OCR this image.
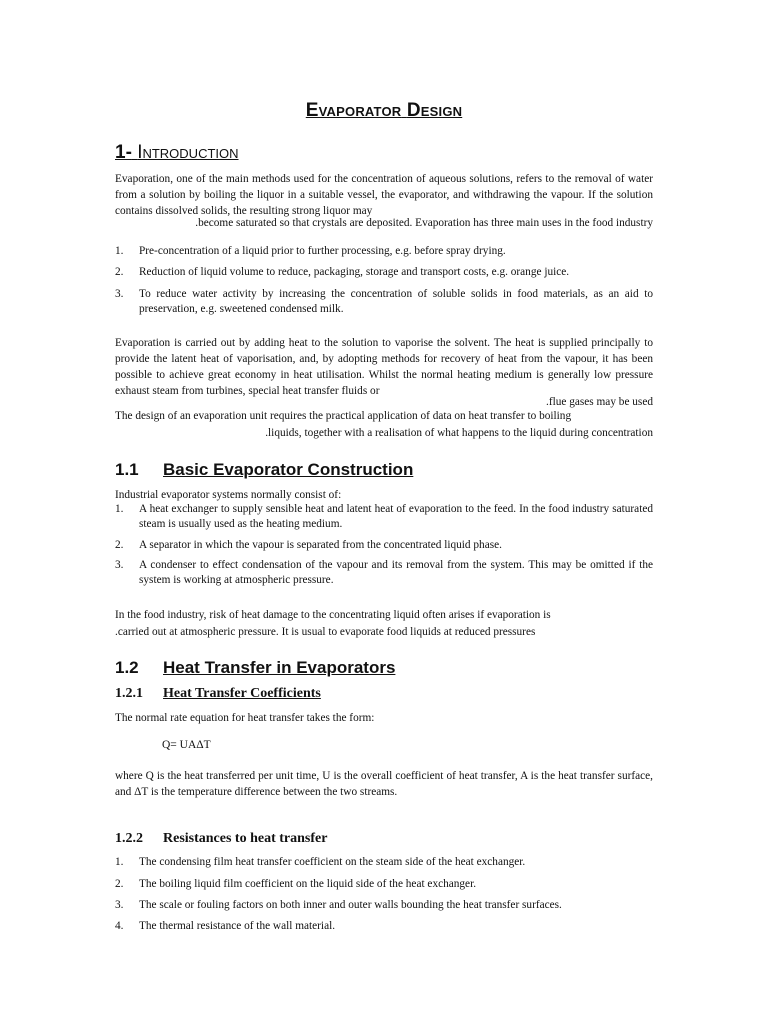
Evaporator Design
1- Introduction
Evaporation, one of the main methods used for the concentration of aqueous solutions, refers to the removal of water from a solution by boiling the liquor in a suitable vessel, the evaporator, and withdrawing the vapour. If the solution contains dissolved solids, the resulting strong liquor may
.become saturated so that crystals are deposited. Evaporation has three main uses in the food industry
1. Pre-concentration of a liquid prior to further processing, e.g. before spray drying.
2. Reduction of liquid volume to reduce, packaging, storage and transport costs, e.g. orange juice.
3. To reduce water activity by increasing the concentration of soluble solids in food materials, as an aid to preservation, e.g. sweetened condensed milk.
Evaporation is carried out by adding heat to the solution to vaporise the solvent. The heat is supplied principally to provide the latent heat of vaporisation, and, by adopting methods for recovery of heat from the vapour, it has been possible to achieve great economy in heat utilisation. Whilst the normal heating medium is generally low pressure exhaust steam from turbines, special heat transfer fluids or
.flue gases may be used
The design of an evaporation unit requires the practical application of data on heat transfer to boiling
.liquids, together with a realisation of what happens to the liquid during concentration
1.1 Basic Evaporator Construction
Industrial evaporator systems normally consist of:
1. A heat exchanger to supply sensible heat and latent heat of evaporation to the feed. In the food industry saturated steam is usually used as the heating medium.
2. A separator in which the vapour is separated from the concentrated liquid phase.
3. A condenser to effect condensation of the vapour and its removal from the system. This may be omitted if the system is working at atmospheric pressure.
In the food industry, risk of heat damage to the concentrating liquid often arises if evaporation is
.carried out at atmospheric pressure. It is usual to evaporate food liquids at reduced pressures
1.2 Heat Transfer in Evaporators
1.2.1 Heat Transfer Coefficients
The normal rate equation for heat transfer takes the form:
Q= UAΔT
where Q is the heat transferred per unit time, U is the overall coefficient of heat transfer, A is the heat transfer surface, and ΔT is the temperature difference between the two streams.
1.2.2 Resistances to heat transfer
1. The condensing film heat transfer coefficient on the steam side of the heat exchanger.
2. The boiling liquid film coefficient on the liquid side of the heat exchanger.
3. The scale or fouling factors on both inner and outer walls bounding the heat transfer surfaces.
4. The thermal resistance of the wall material.
